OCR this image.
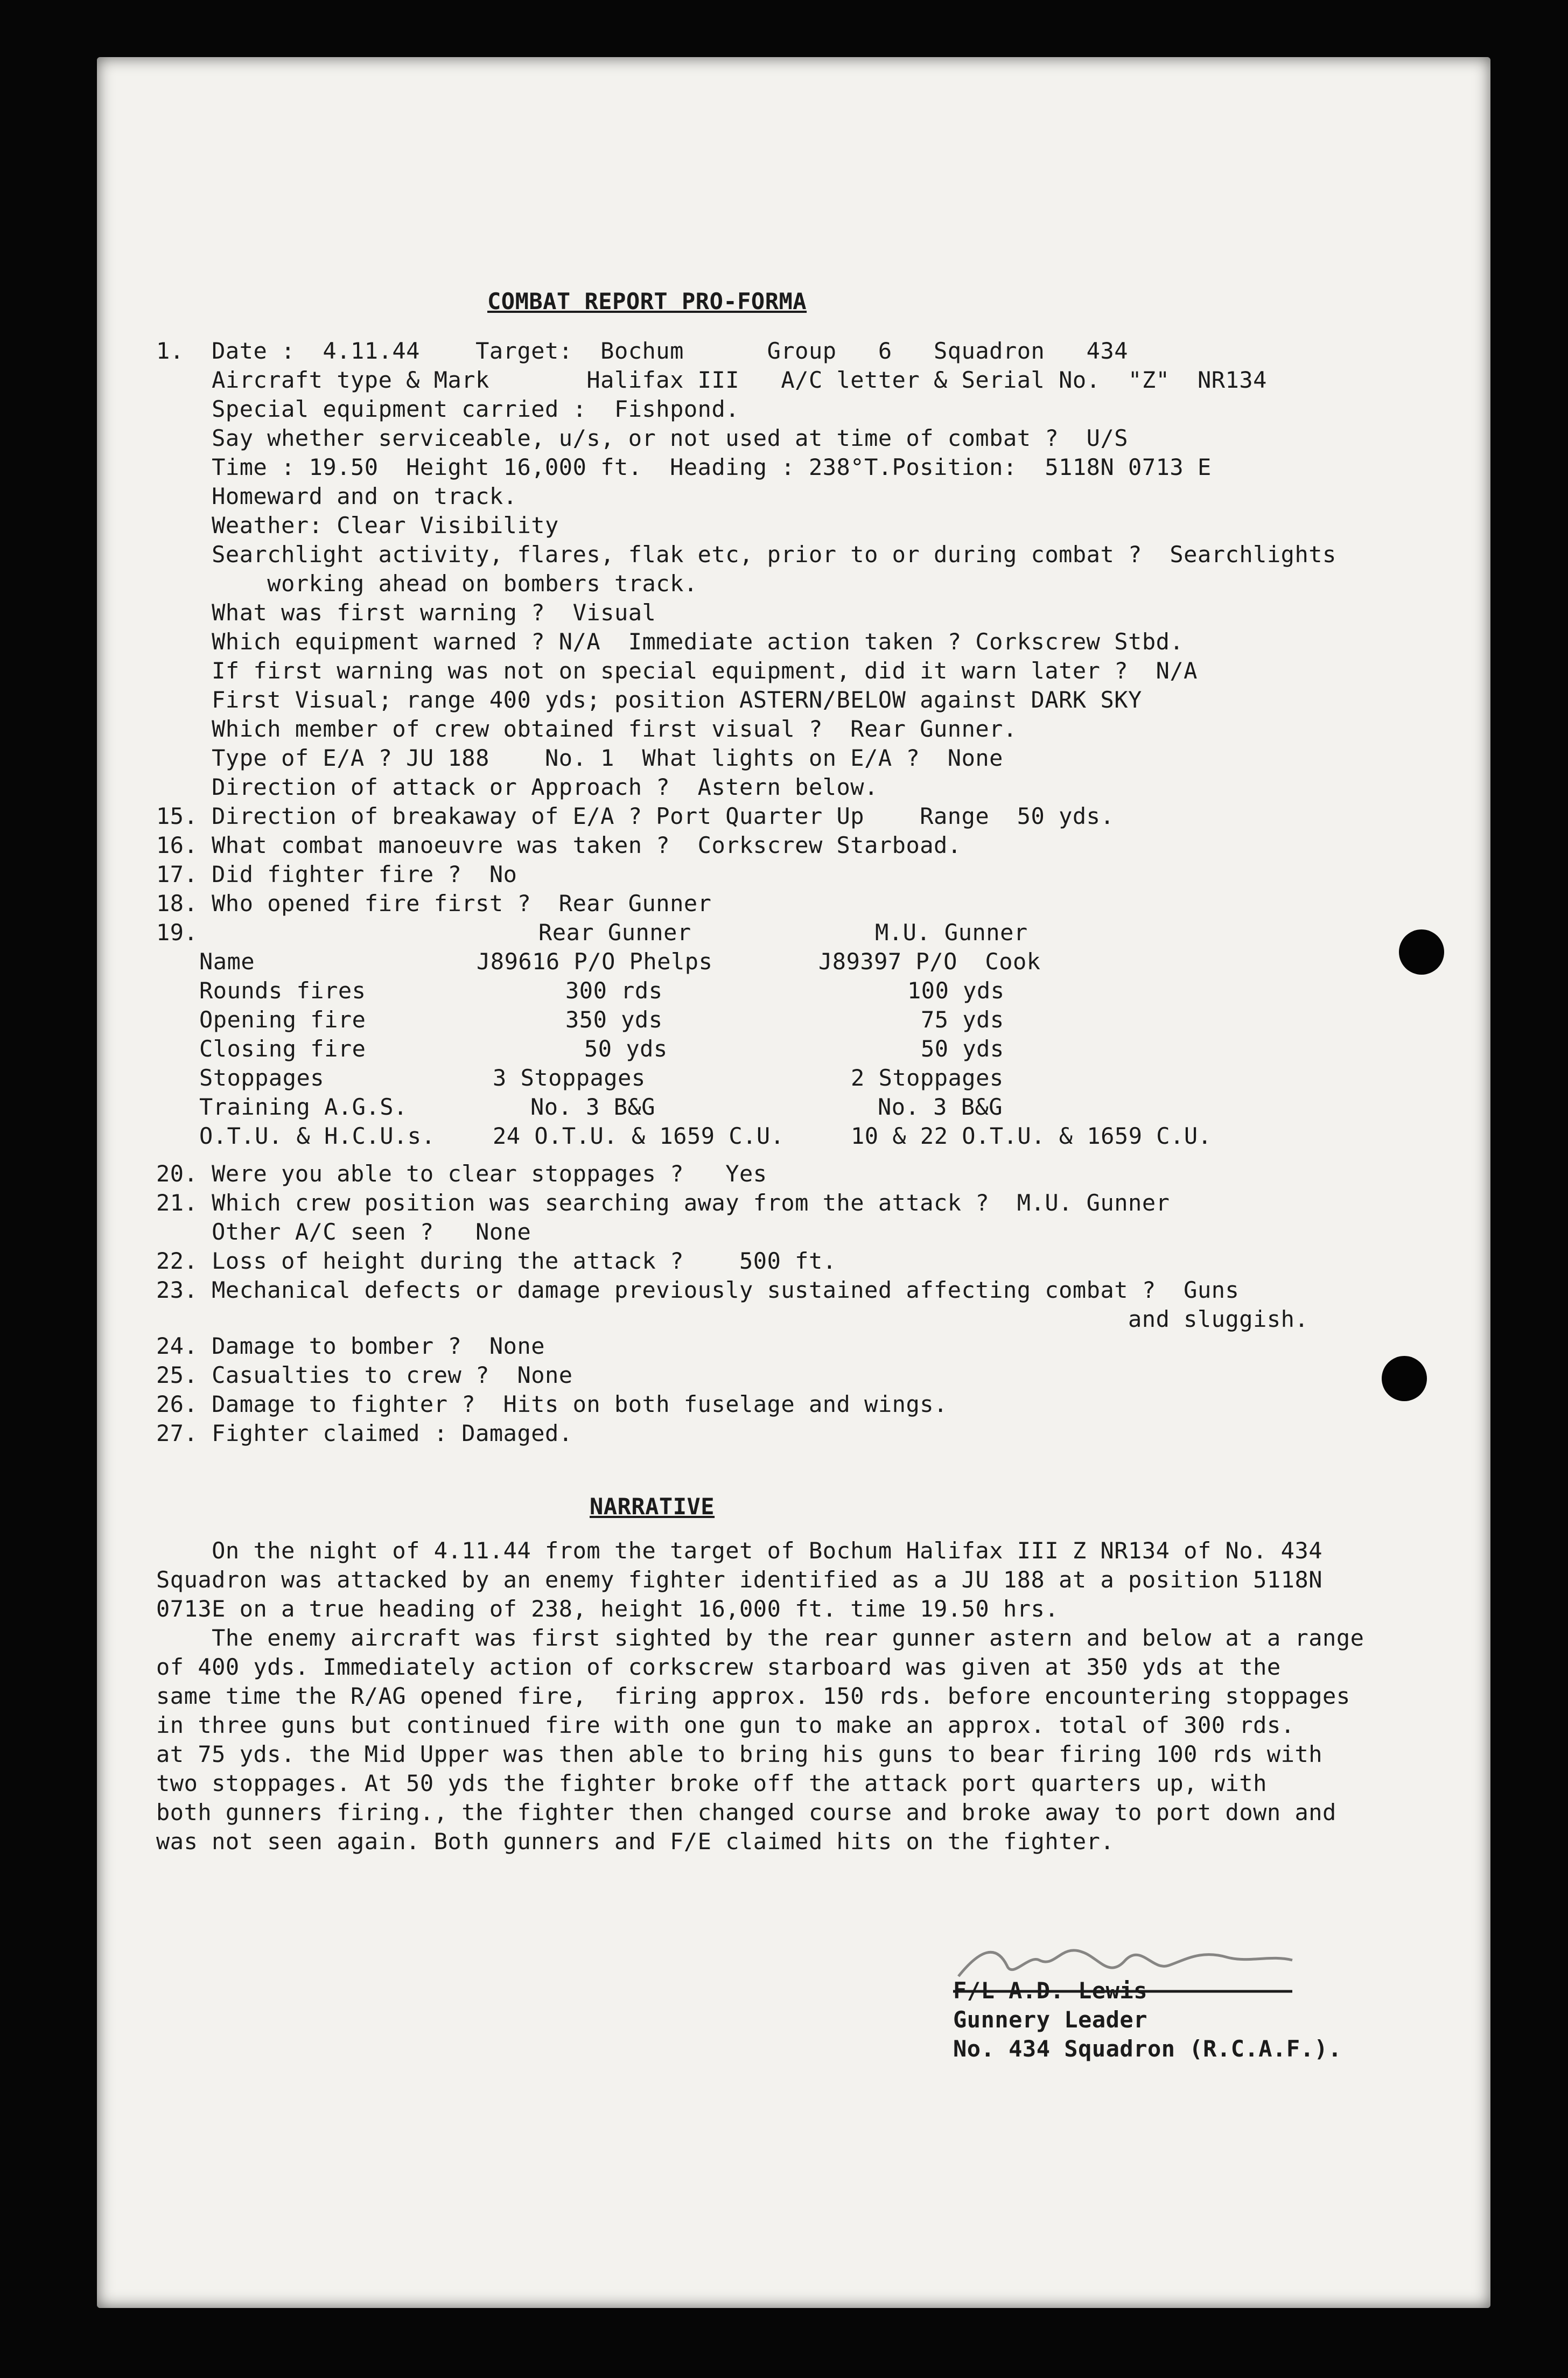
COMBAT REPORT PRO-FORMA
1.  Date :  4.11.44    Target:  Bochum      Group   6   Squadron   434
Aircraft type & Mark       Halifax III   A/C letter & Serial No.  "Z"  NR134
Special equipment carried :  Fishpond.
Say whether serviceable, u/s, or not used at time of combat ?  U/S
Time : 19.50  Height 16,000 ft.  Heading : 238°T.Position:  5118N 0713 E
Homeward and on track.
Weather: Clear Visibility
Searchlight activity, flares, flak etc, prior to or during combat ?  Searchlights
working ahead on bombers track.
What was first warning ?  Visual
Which equipment warned ? N/A  Immediate action taken ? Corkscrew Stbd.
If first warning was not on special equipment, did it warn later ?  N/A
First Visual; range 400 yds; position ASTERN/BELOW against DARK SKY
Which member of crew obtained first visual ?  Rear Gunner.
Type of E/A ? JU 188    No. 1  What lights on E/A ?  None
Direction of attack or Approach ?  Astern below.
15. Direction of breakaway of E/A ? Port Quarter Up    Range  50 yds.
16. What combat manoeuvre was taken ?  Corkscrew Starboad.
17. Did fighter fire ?  No
18. Who opened fire first ?  Rear Gunner
19.	Rear Gunner	M.U. Gunner
Name	J89616 P/O Phelps	J89397 P/O  Cook
Rounds fires	300 rds	100 yds
Opening fire	350 yds	75 yds
Closing fire	50 yds	50 yds
Stoppages	3 Stoppages	2 Stoppages
Training A.G.S.	No. 3 B&G	No. 3 B&G
O.T.U. & H.C.U.s.	24 O.T.U. & 1659 C.U.	10 & 22 O.T.U. & 1659 C.U.
20. Were you able to clear stoppages ?   Yes
21. Which crew position was searching away from the attack ?  M.U. Gunner
Other A/C seen ?   None
22. Loss of height during the attack ?    500 ft.
23. Mechanical defects or damage previously sustained affecting combat ?  Guns
and sluggish.
24. Damage to bomber ?  None
25. Casualties to crew ?  None
26. Damage to fighter ?  Hits on both fuselage and wings.
27. Fighter claimed : Damaged.
NARRATIVE
On the night of 4.11.44 from the target of Bochum Halifax III Z NR134 of No. 434
Squadron was attacked by an enemy fighter identified as a JU 188 at a position 5118N
0713E on a true heading of 238, height 16,000 ft. time 19.50 hrs.
The enemy aircraft was first sighted by the rear gunner astern and below at a range
of 400 yds. Immediately action of corkscrew starboard was given at 350 yds at the
same time the R/AG opened fire,  firing approx. 150 rds. before encountering stoppages
in three guns but continued fire with one gun to make an approx. total of 300 rds.
at 75 yds. the Mid Upper was then able to bring his guns to bear firing 100 rds with
two stoppages. At 50 yds the fighter broke off the attack port quarters up, with
both gunners firing., the fighter then changed course and broke away to port down and
was not seen again. Both gunners and F/E claimed hits on the fighter.
F/L A.D. Lewis
Gunnery Leader
No. 434 Squadron (R.C.A.F.).
